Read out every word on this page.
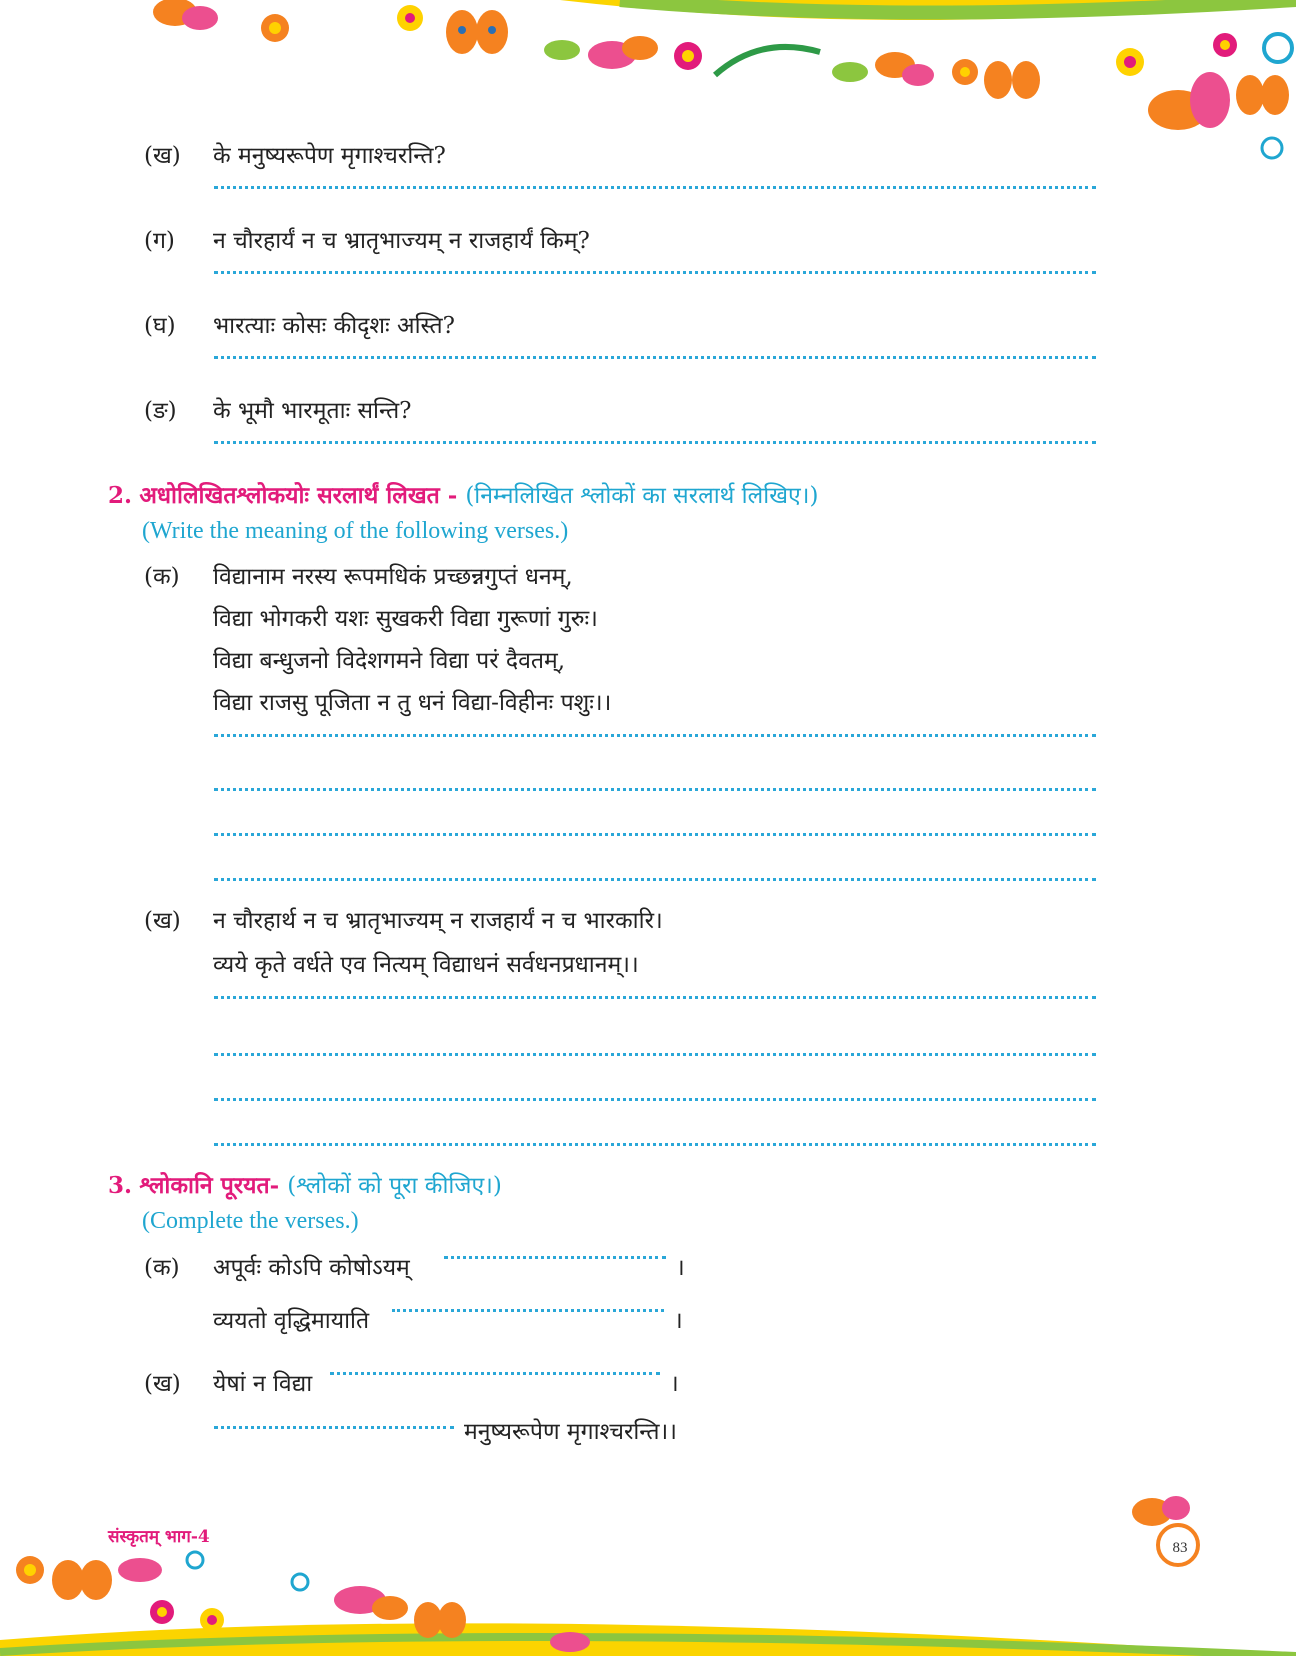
(ख) के मनुष्यरूपेण मृगाश्चरन्ति?
(ग) न चौरहार्यं न च भ्रातृभाज्यम् न राजहार्यं किम्?
(घ) भारत्याः कोसः कीदृशः अस्ति?
(ङ) के भूमौ भारमूताः सन्ति?
2. अधोलिखितश्लोकयोः सरलार्थं लिखत - (निम्नलिखित श्लोकों का सरलार्थ लिखिए।)
(Write the meaning of the following verses.)
(क) विद्यानाम नरस्य रूपमधिकं प्रच्छन्नगुप्तं धनम्,
विद्या भोगकरी यशः सुखकरी विद्या गुरूणां गुरुः।
विद्या बन्धुजनो विदेशगमने विद्या परं दैवतम्,
विद्या राजसु पूजिता न तु धनं विद्या-विहीनः पशुः।।
(ख) न चौरहार्थ न च भ्रातृभाज्यम् न राजहार्यं न च भारकारि।
व्यये कृते वर्धते एव नित्यम् विद्याधनं सर्वधनप्रधानम्।।
3. श्लोकानि पूरयत- (श्लोकों को पूरा कीजिए।)
(Complete the verses.)
(क) अपूर्वः कोऽपि कोषोऽयम्	।
व्ययतो वृद्धिमायाति	।
(ख) येषां न विद्या	।
मनुष्यरूपेण मृगाश्चरन्ति।।
संस्कृतम् भाग-4
83
